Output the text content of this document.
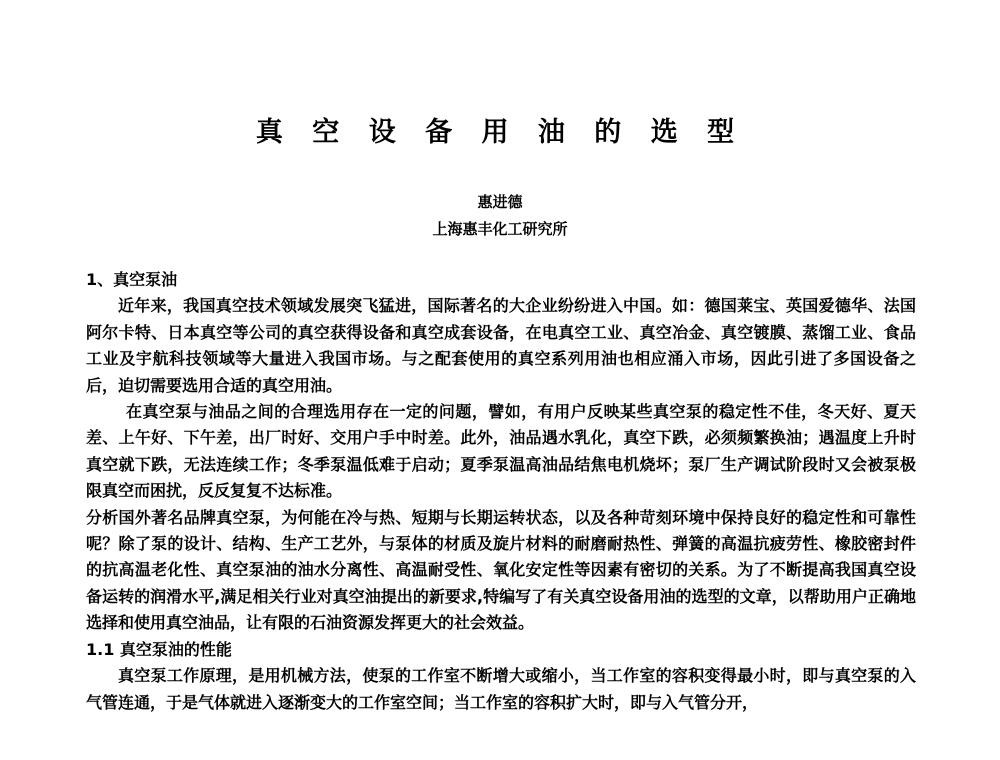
真 空 设 备 用 油 的 选 型
惠进德
上海惠丰化工研究所

1、真空泵油

近年来，我国真空技术领域发展突飞猛进，国际著名的大企业纷纷进入中国。如：德国莱宝、英国爱德华、法国阿尔卡特、日本真空等公司的真空获得设备和真空成套设备，在电真空工业、真空冶金、真空镀膜、蒸馏工业、食品工业及宇航科技领域等大量进入我国市场。与之配套使用的真空系列用油也相应涌入市场，因此引进了多国设备之后，迫切需要选用合适的真空用油。

在真空泵与油品之间的合理选用存在一定的问题，譬如，有用户反映某些真空泵的稳定性不佳，冬天好、夏天差、上午好、下午差，出厂时好、交用户手中时差。此外，油品遇水乳化，真空下跌，必须频繁换油；遇温度上升时真空就下跌，无法连续工作；冬季泵温低难于启动；夏季泵温高油品结焦电机烧坏；泵厂生产调试阶段时又会被泵极限真空而困扰，反反复复不达标准。

分析国外著名品牌真空泵，为何能在冷与热、短期与长期运转状态，以及各种苛刻环境中保持良好的稳定性和可靠性呢？除了泵的设计、结构、生产工艺外，与泵体的材质及旋片材料的耐磨耐热性、弹簧的高温抗疲劳性、橡胶密封件的抗高温老化性、真空泵油的油水分离性、高温耐受性、氧化安定性等因素有密切的关系。为了不断提高我国真空设备运转的润滑水平,满足相关行业对真空油提出的新要求,特编写了有关真空设备用油的选型的文章，以帮助用户正确地选择和使用真空油品，让有限的石油资源发挥更大的社会效益。

1.1 真空泵油的性能

真空泵工作原理，是用机械方法，使泵的工作室不断增大或缩小，当工作室的容积变得最小时，即与真空泵的入气管连通，于是气体就进入逐渐变大的工作室空间；当工作室的容积扩大时，即与入气管分开，
